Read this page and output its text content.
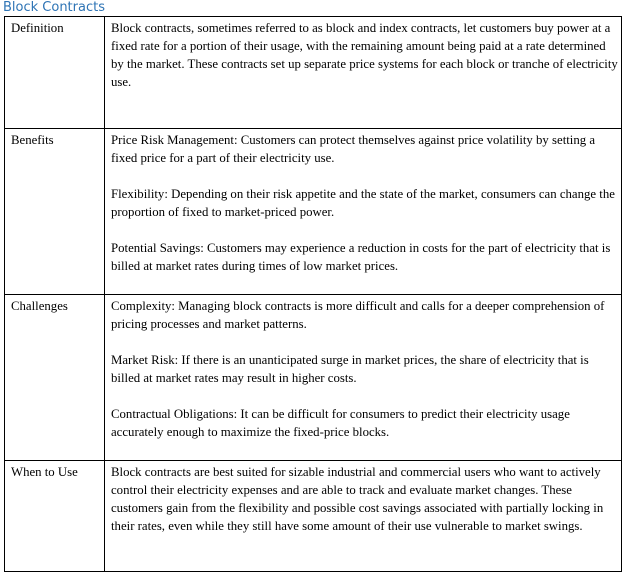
Block Contracts
Definition	Block contracts, sometimes referred to as block and index contracts, let customers buy power at a fixed rate for a portion of their usage, with the remaining amount being paid at a rate determined by the market. These contracts set up separate price systems for each block or tranche of electricity use.

Benefits	Price Risk Management: Customers can protect themselves against price volatility by setting a fixed price for a part of their electricity use.

Flexibility: Depending on their risk appetite and the state of the market, consumers can change the proportion of fixed to market-priced power.

Potential Savings: Customers may experience a reduction in costs for the part of electricity that is billed at market rates during times of low market prices.

Challenges	Complexity: Managing block contracts is more difficult and calls for a deeper comprehension of pricing processes and market patterns.

Market Risk: If there is an unanticipated surge in market prices, the share of electricity that is billed at market rates may result in higher costs.

Contractual Obligations: It can be difficult for consumers to predict their electricity usage accurately enough to maximize the fixed-price blocks.

When to Use	Block contracts are best suited for sizable industrial and commercial users who want to actively control their electricity expenses and are able to track and evaluate market changes. These customers gain from the flexibility and possible cost savings associated with partially locking in their rates, even while they still have some amount of their use vulnerable to market swings.
